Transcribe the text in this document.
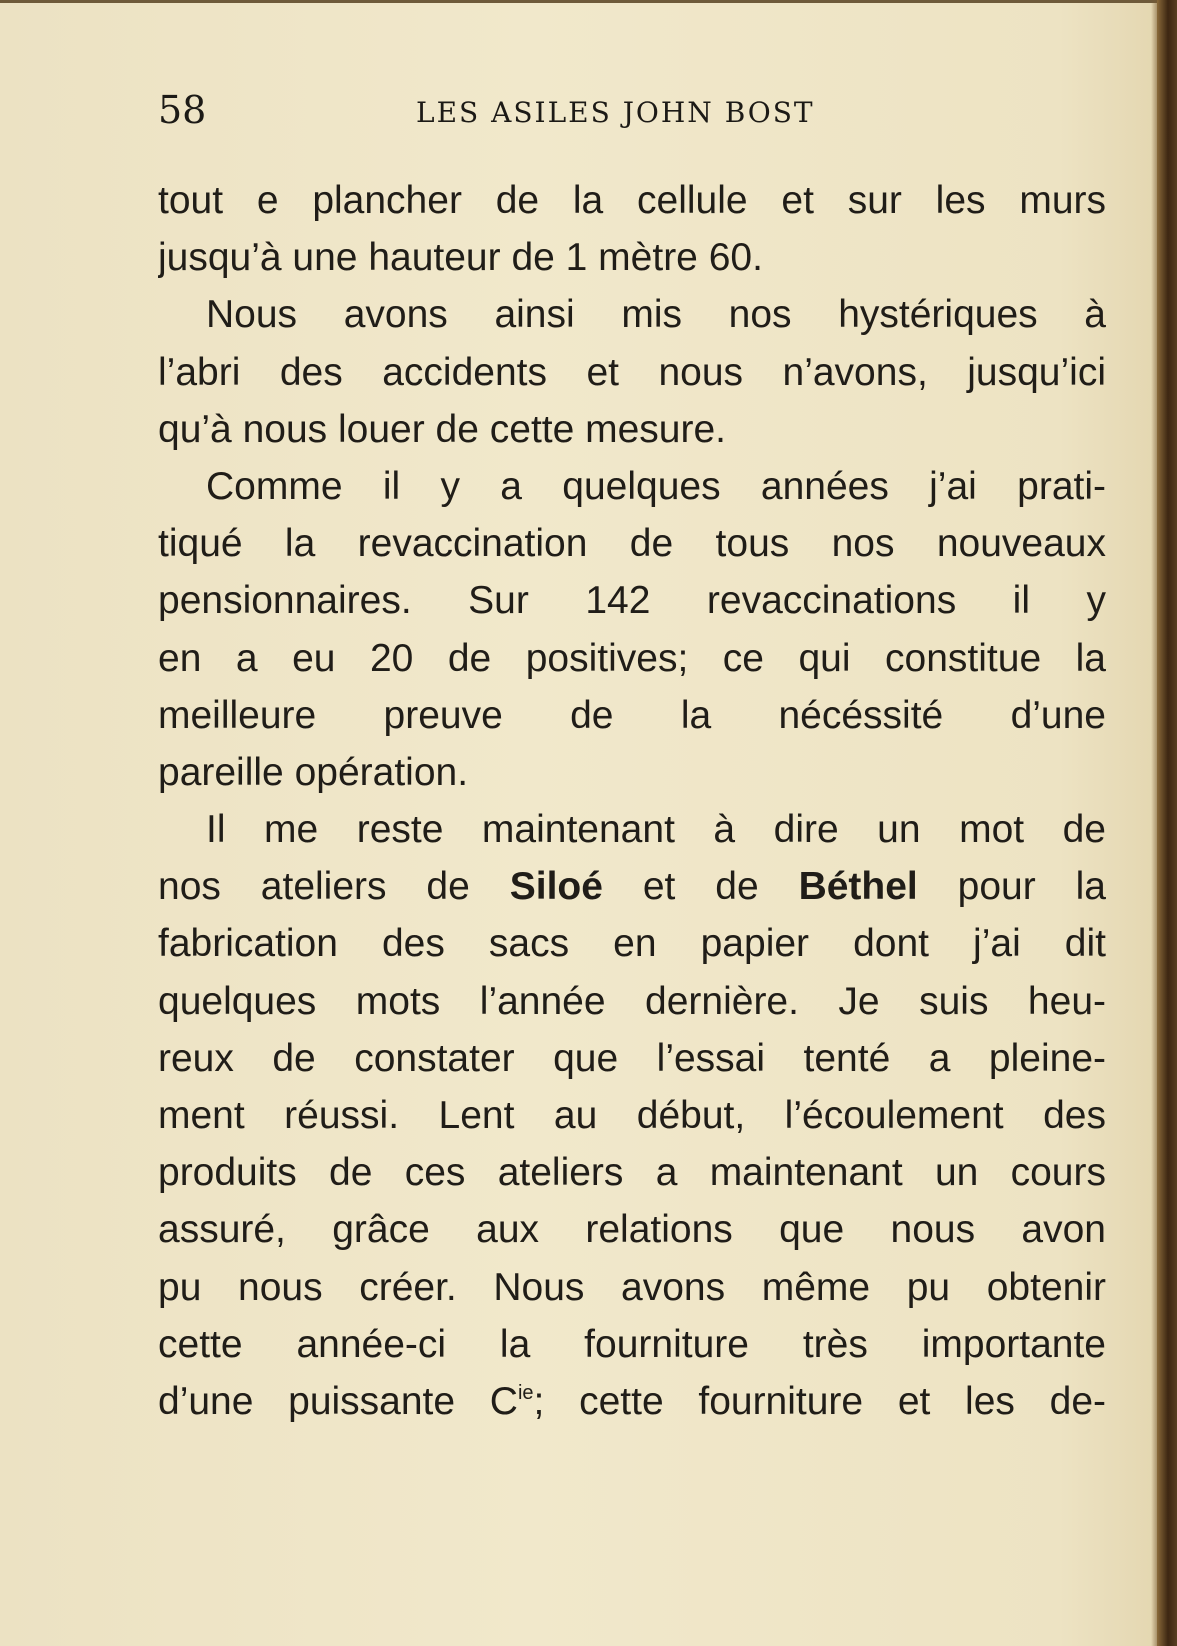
58	LES ASILES JOHN BOST
tout e plancher de la cellule et sur les murs
jusqu’à une hauteur de 1 mètre 60.
Nous avons ainsi mis nos hystériques à
l’abri des accidents et nous n’avons, jusqu’ici
qu’à nous louer de cette mesure.
Comme il y a quelques années j’ai prati-
tiqué la revaccination de tous nos nouveaux
pensionnaires. Sur 142 revaccinations il y
en a eu 20 de positives; ce qui constitue la
meilleure preuve de la nécéssité d’une
pareille opération.
Il me reste maintenant à dire un mot de
nos ateliers de Siloé et de Béthel pour la
fabrication des sacs en papier dont j’ai dit
quelques mots l’année dernière. Je suis heu-
reux de constater que l’essai tenté a pleine-
ment réussi. Lent au début, l’écoulement des
produits de ces ateliers a maintenant un cours
assuré, grâce aux relations que nous avon
pu nous créer. Nous avons même pu obtenir
cette année-ci la fourniture très importante
d’une puissante $C^{ie}$; cette fourniture et les de-
